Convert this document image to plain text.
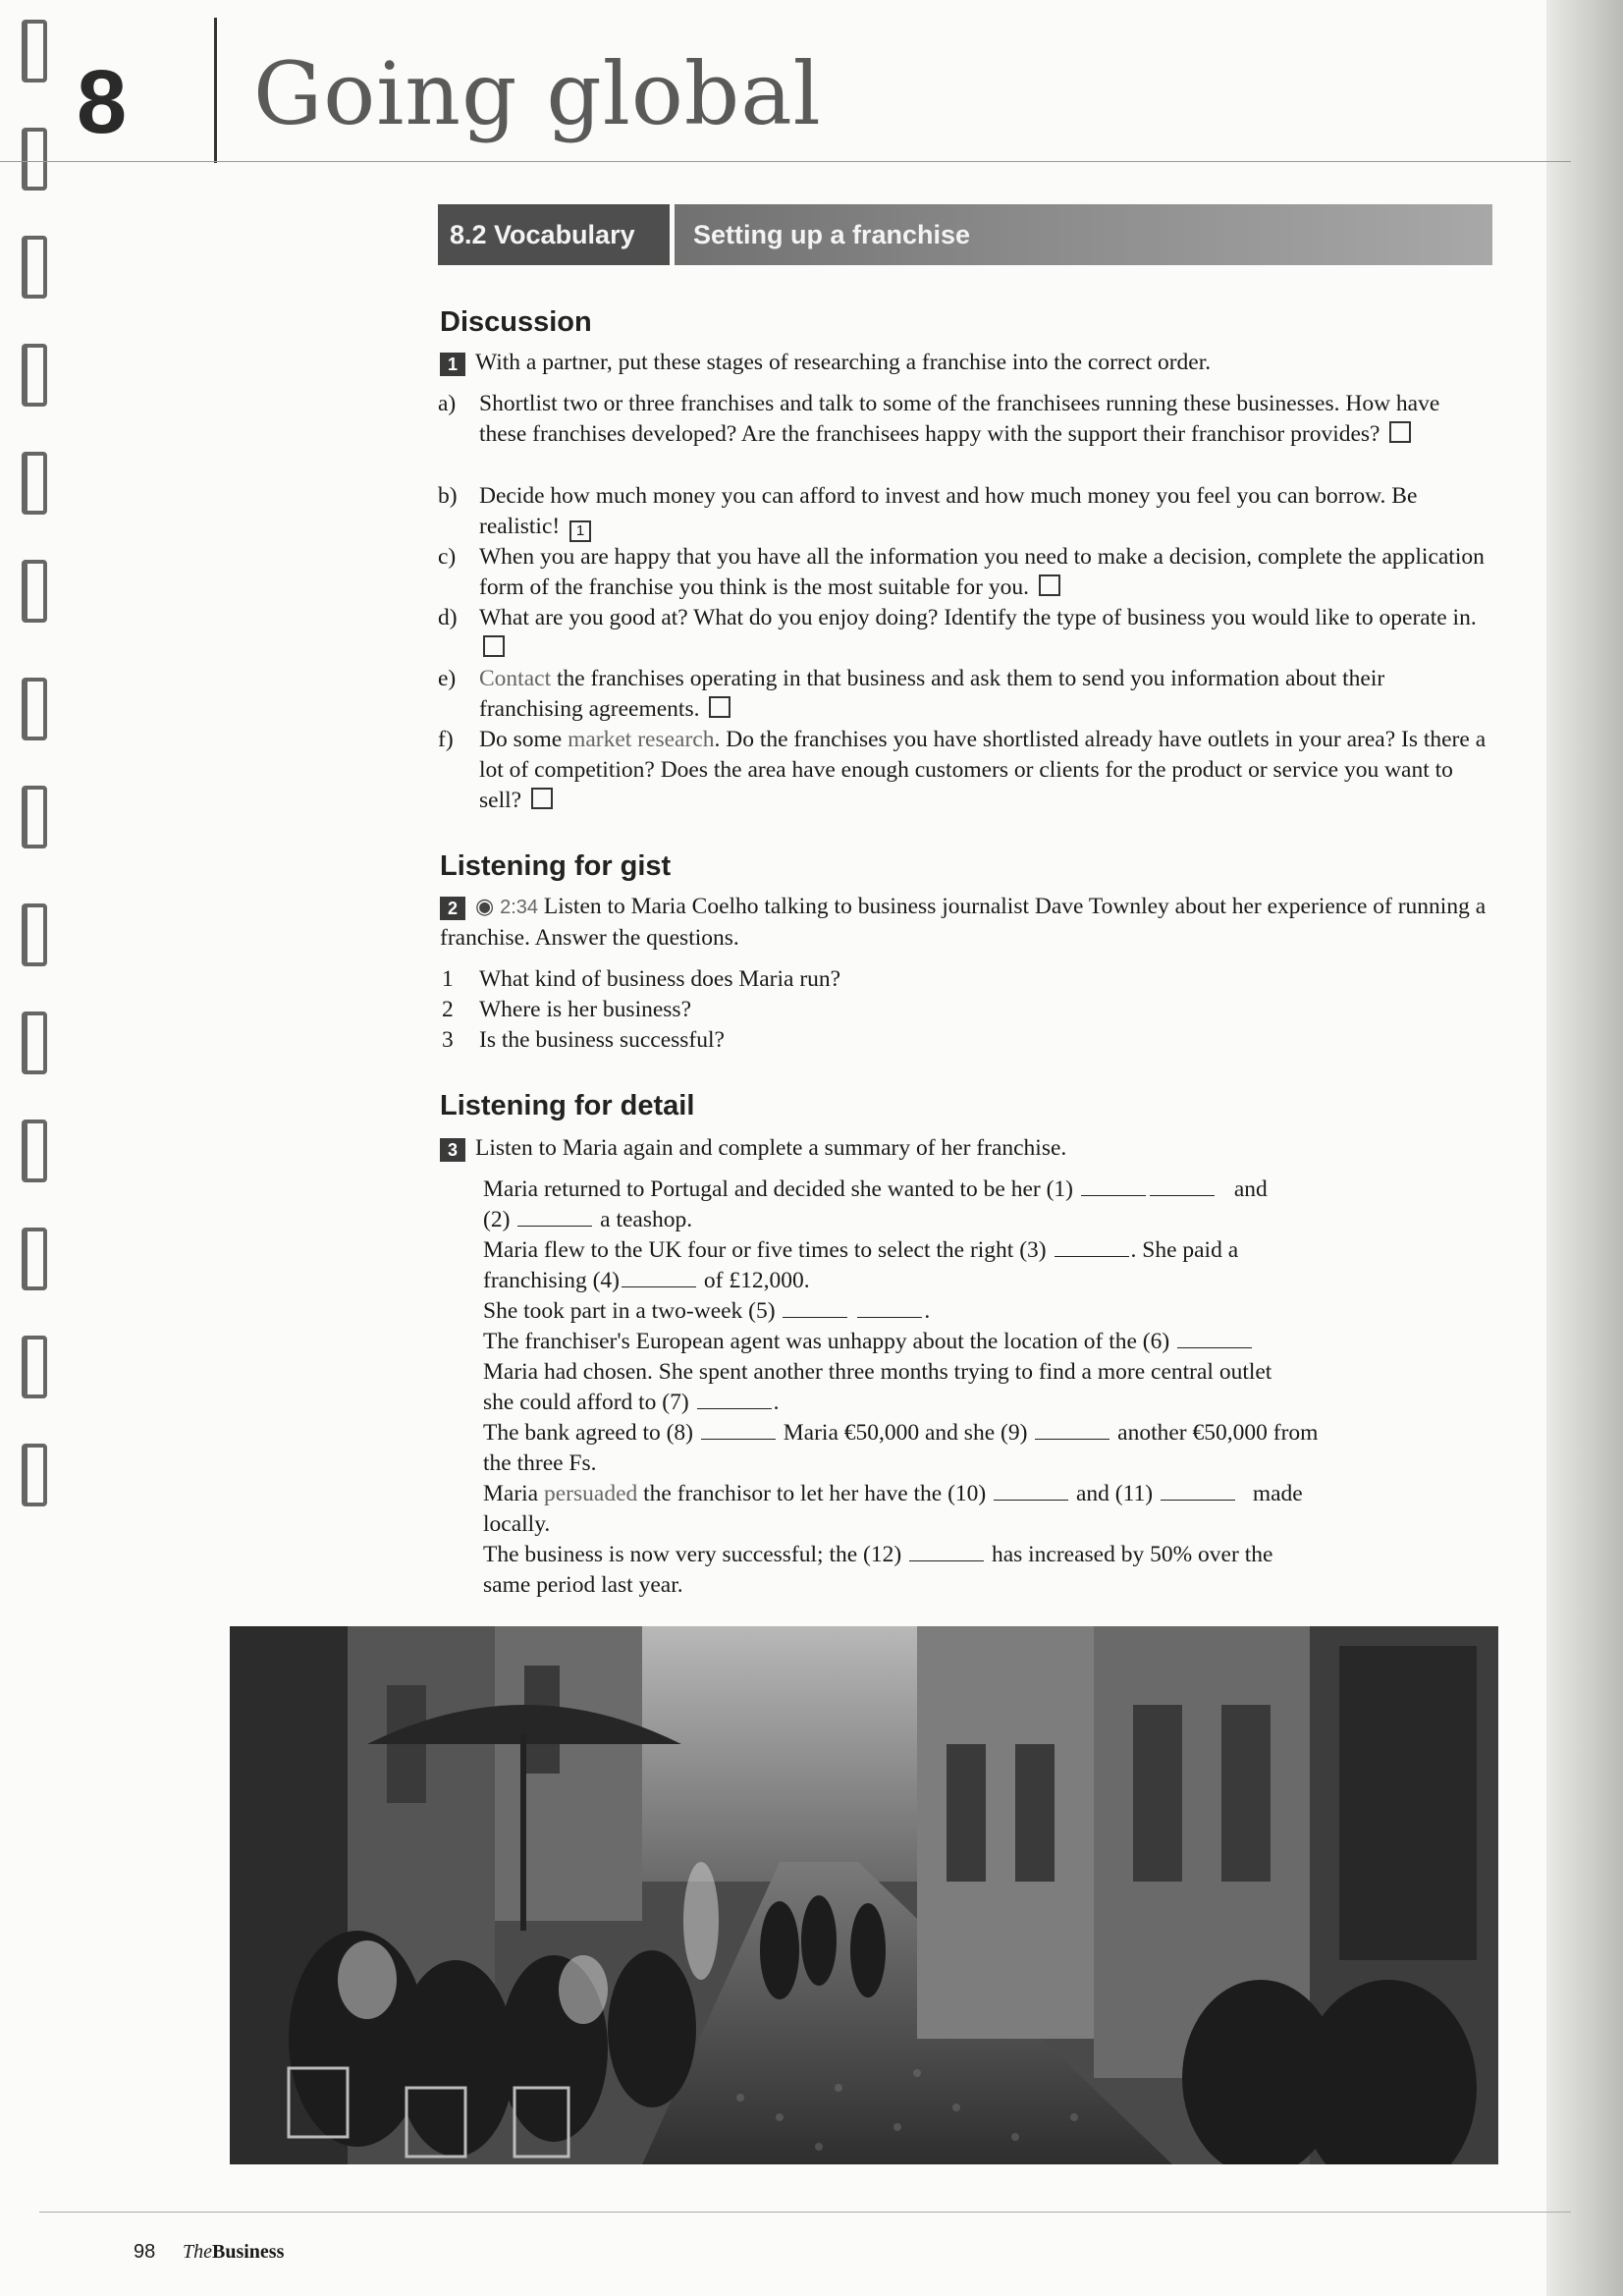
8 Going global
8.2 Vocabulary Setting up a franchise
Discussion
1 With a partner, put these stages of researching a franchise into the correct order.
a)	Shortlist two or three franchises and talk to some of the franchisees running these businesses. How have these franchises developed? Are the franchisees happy with the support their franchisor provides?
b) Decide how much money you can afford to invest and how much money you feel you can borrow. Be realistic! 1
c)	When you are happy that you have all the information you need to make a decision, complete the application form of the franchise you think is the most suitable for you.
d) What are you good at? What do you enjoy doing? Identify the type of business you would like to operate in.
e)	Contact the franchises operating in that business and ask them to send you information about their franchising agreements.
f)	Do some market research. Do the franchises you have shortlisted already have outlets in your area? Is there a lot of competition? Does the area have enough customers or clients for the product or service you want to sell?
Listening for gist
2 ◉ 2:34 Listen to Maria Coelho talking to business journalist Dave Townley about her experience of running a franchise. Answer the questions.
1 What kind of business does Maria run?
2 Where is her business?
3 Is the business successful?
Listening for detail
3 Listen to Maria again and complete a summary of her franchise.
Maria returned to Portugal and decided she wanted to be her (1)	and
(2)	a teashop.
Maria flew to the UK four or five times to select the right (3)	. She paid a
franchising (4)	of £12,000.
She took part in a two-week (5)	.
The franchiser's European agent was unhappy about the location of the (6)
Maria had chosen. She spent another three months trying to find a more central outlet
she could afford to (7)	.
The bank agreed to (8)	Maria €50,000 and she (9)	another €50,000 from
the three Fs.
Maria persuaded the franchisor to let her have the (10)	and (11)	made
locally.
The business is now very successful; the (12)	has increased by 50% over the
same period last year.
98 TheBusiness
